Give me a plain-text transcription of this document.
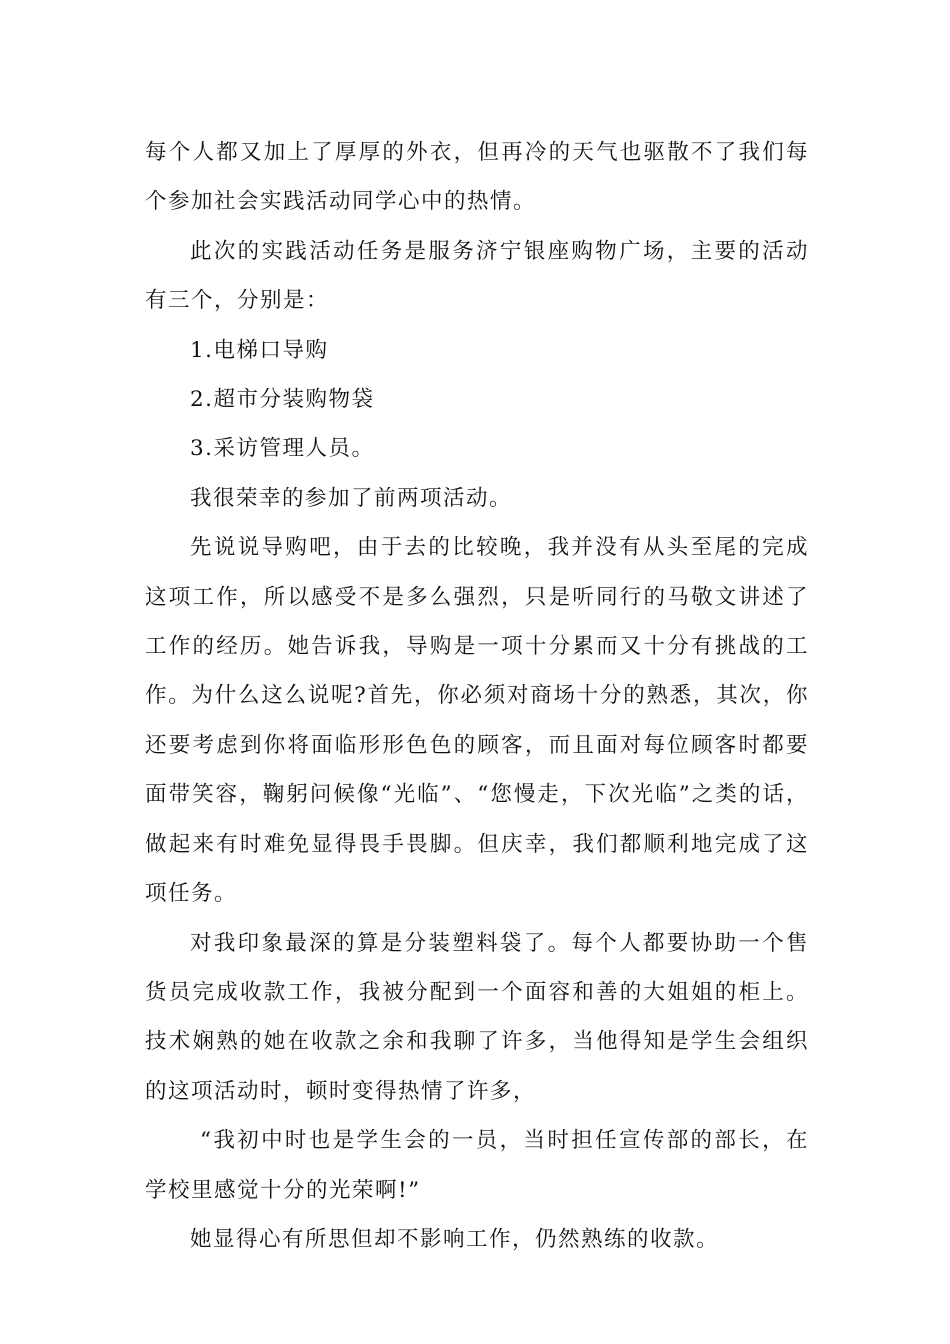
每个人都又加上了厚厚的外衣，但再冷的天气也驱散不了我们每个参加社会实践活动同学心中的热情。

此次的实践活动任务是服务济宁银座购物广场，主要的活动有三个，分别是：

1.电梯口导购

2.超市分装购物袋

3.采访管理人员。

我很荣幸的参加了前两项活动。

先说说导购吧，由于去的比较晚，我并没有从头至尾的完成这项工作，所以感受不是多么强烈，只是听同行的马敬文讲述了工作的经历。她告诉我，导购是一项十分累而又十分有挑战的工作。为什么这么说呢?首先，你必须对商场十分的熟悉，其次，你还要考虑到你将面临形形色色的顾客，而且面对每位顾客时都要面带笑容，鞠躬问候像“光临”、“您慢走，下次光临”之类的话，做起来有时难免显得畏手畏脚。但庆幸，我们都顺利地完成了这项任务。

对我印象最深的算是分装塑料袋了。每个人都要协助一个售货员完成收款工作，我被分配到一个面容和善的大姐姐的柜上。技术娴熟的她在收款之余和我聊了许多，当他得知是学生会组织的这项活动时，顿时变得热情了许多，

“我初中时也是学生会的一员，当时担任宣传部的部长，在学校里感觉十分的光荣啊!”

她显得心有所思但却不影响工作，仍然熟练的收款。
